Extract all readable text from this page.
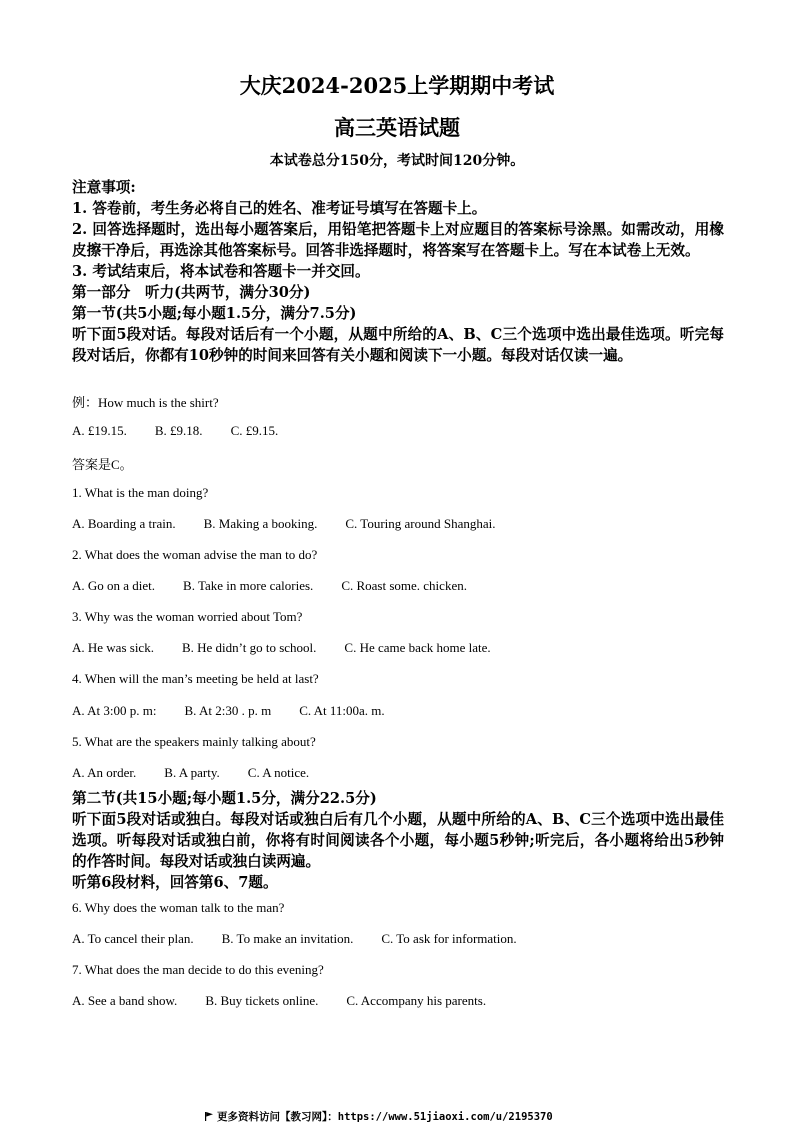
大庆2024-2025上学期期中考试
高三英语试题
本试卷总分150分，考试时间120分钟。
注意事项:
1. 答卷前，考生务必将自己的姓名、准考证号填写在答题卡上。
2. 回答选择题时，选出每小题答案后，用铅笔把答题卡上对应题目的答案标号涂黑。如需改动，用橡皮擦干净后，再选涂其他答案标号。回答非选择题时，将答案写在答题卡上。写在本试卷上无效。
3. 考试结束后，将本试卷和答题卡一并交回。
第一部分　听力(共两节，满分30分)
第一节(共5小题;每小题1.5分，满分7.5分)
听下面5段对话。每段对话后有一个小题，从题中所给的A、B、C三个选项中选出最佳选项。听完每段对话后，你都有10秒钟的时间来回答有关小题和阅读下一小题。每段对话仅读一遍。
例：How much is the shirt?
A. £19.15. B. £9.18. C. £9.15.
答案是C。
1. What is the man doing?
A. Boarding a train. B. Making a booking. C. Touring around Shanghai.
2. What does the woman advise the man to do?
A. Go on a diet. B. Take in more calories. C. Roast some. chicken.
3. Why was the woman worried about Tom?
A. He was sick. B. He didn’t go to school. C. He came back home late.
4. When will the man’s meeting be held at last?
A. At 3:00 p. m: B. At 2:30 . p. m C. At 11:00a. m.
5. What are the speakers mainly talking about?
A. An order. B. A party. C. A notice.
第二节(共15小题;每小题1.5分，满分22.5分)
听下面5段对话或独白。每段对话或独白后有几个小题，从题中所给的A、B、C三个选项中选出最佳选项。听每段对话或独白前，你将有时间阅读各个小题，每小题5秒钟;听完后，各小题将给出5秒钟的作答时间。每段对话或独白读两遍。
听第6段材料，回答第6、7题。
6. Why does the woman talk to the man?
A. To cancel their plan. B. To make an invitation. C. To ask for information.
7. What does the man decide to do this evening?
A. See a band show. B. Buy tickets online. C. Accompany his parents.
更多资料访问【教习网】：https://www.51jiaoxi.com/u/2195370
